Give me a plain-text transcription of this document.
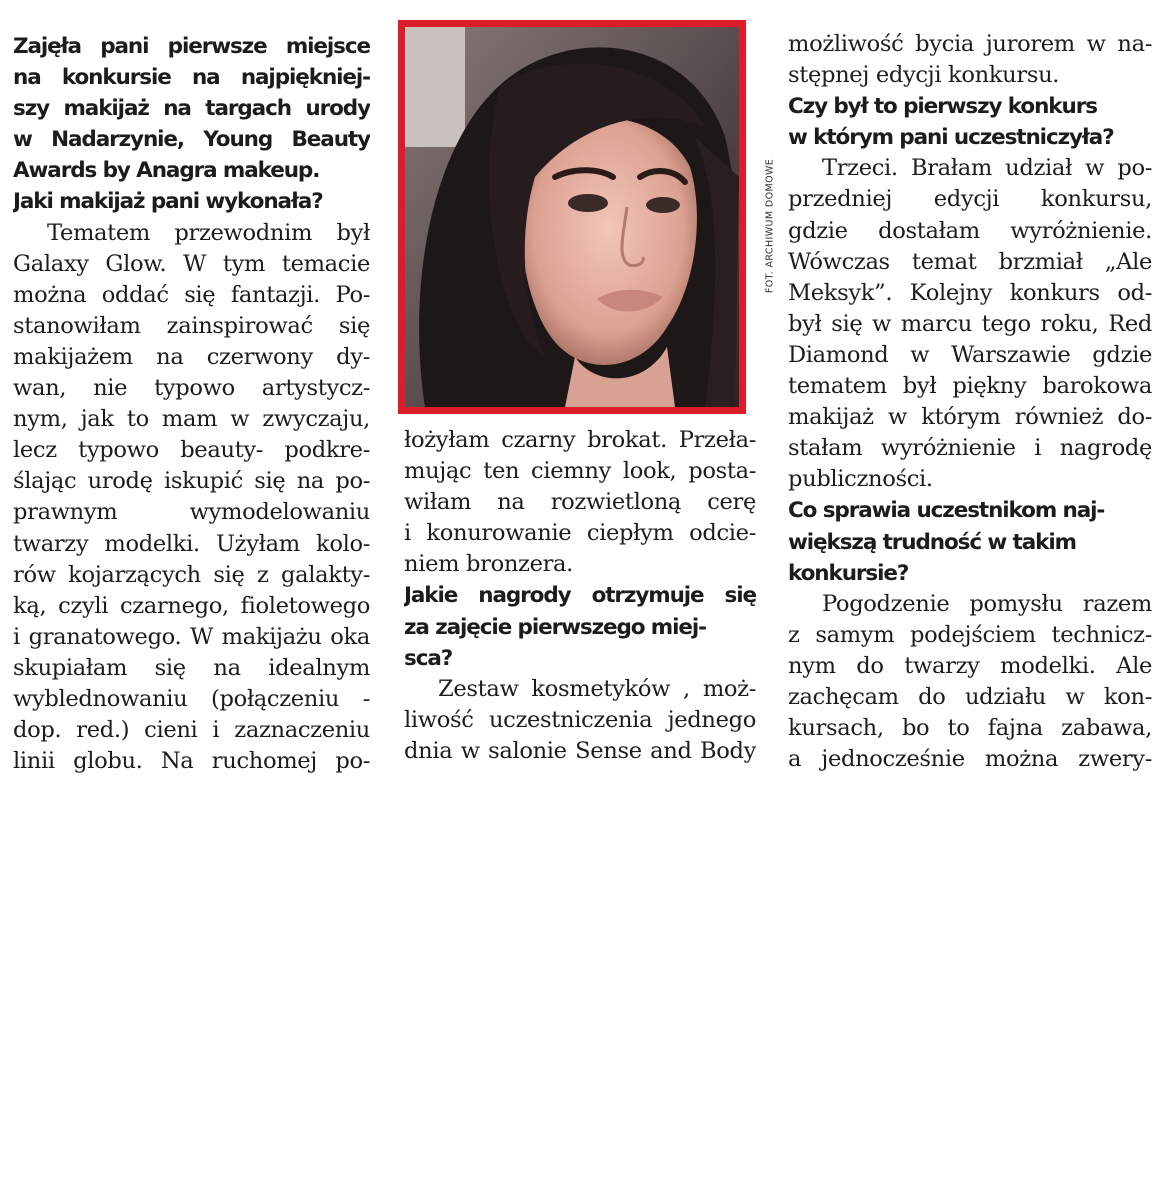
Zajęła pani pierwsze miejsce
na konkursie na najpiękniej-
szy makijaż na targach urody
w Nadarzynie, Young Beauty
Awards by Anagra makeup.
Jaki makijaż pani wykonała?
Tematem przewodnim był
Galaxy Glow. W tym temacie
można oddać się fantazji. Po-
stanowiłam zainspirować się
makijażem na czerwony dy-
wan, nie typowo artystycz-
nym, jak to mam w zwyczaju,
lecz typowo beauty- podkre-
ślając urodę iskupić się na po-
prawnym wymodelowaniu
twarzy modelki. Użyłam kolo-
rów kojarzących się z galakty-
ką, czyli czarnego, fioletowego
i granatowego. W makijażu oka
skupiałam się na idealnym
wyblednowaniu (połączeniu -
dop. red.) cieni i zaznaczeniu
linii globu. Na ruchomej po-
FOT. ARCHIWUM DOMOWE
łożyłam czarny brokat. Przeła-
mując ten ciemny look, posta-
wiłam na rozwietloną cerę
i konurowanie ciepłym odcie-
niem bronzera.
Jakie nagrody otrzymuje się
za zajęcie pierwszego miej-
sca?
Zestaw kosmetyków , moż-
liwość uczestniczenia jednego
dnia w salonie Sense and Body
możliwość bycia jurorem w na-
stępnej edycji konkursu.
Czy był to pierwszy konkurs
w którym pani uczestniczyła?
Trzeci. Brałam udział w po-
przedniej edycji konkursu,
gdzie dostałam wyróżnienie.
Wówczas temat brzmiał „Ale
Meksyk”. Kolejny konkurs od-
był się w marcu tego roku, Red
Diamond w Warszawie gdzie
tematem był piękny barokowa
makijaż w którym również do-
stałam wyróżnienie i nagrodę
publiczności.
Co sprawia uczestnikom naj-
większą trudność w takim
konkursie?
Pogodzenie pomysłu razem
z samym podejściem technicz-
nym do twarzy modelki. Ale
zachęcam do udziału w kon-
kursach, bo to fajna zabawa,
a jednocześnie można zwery-
